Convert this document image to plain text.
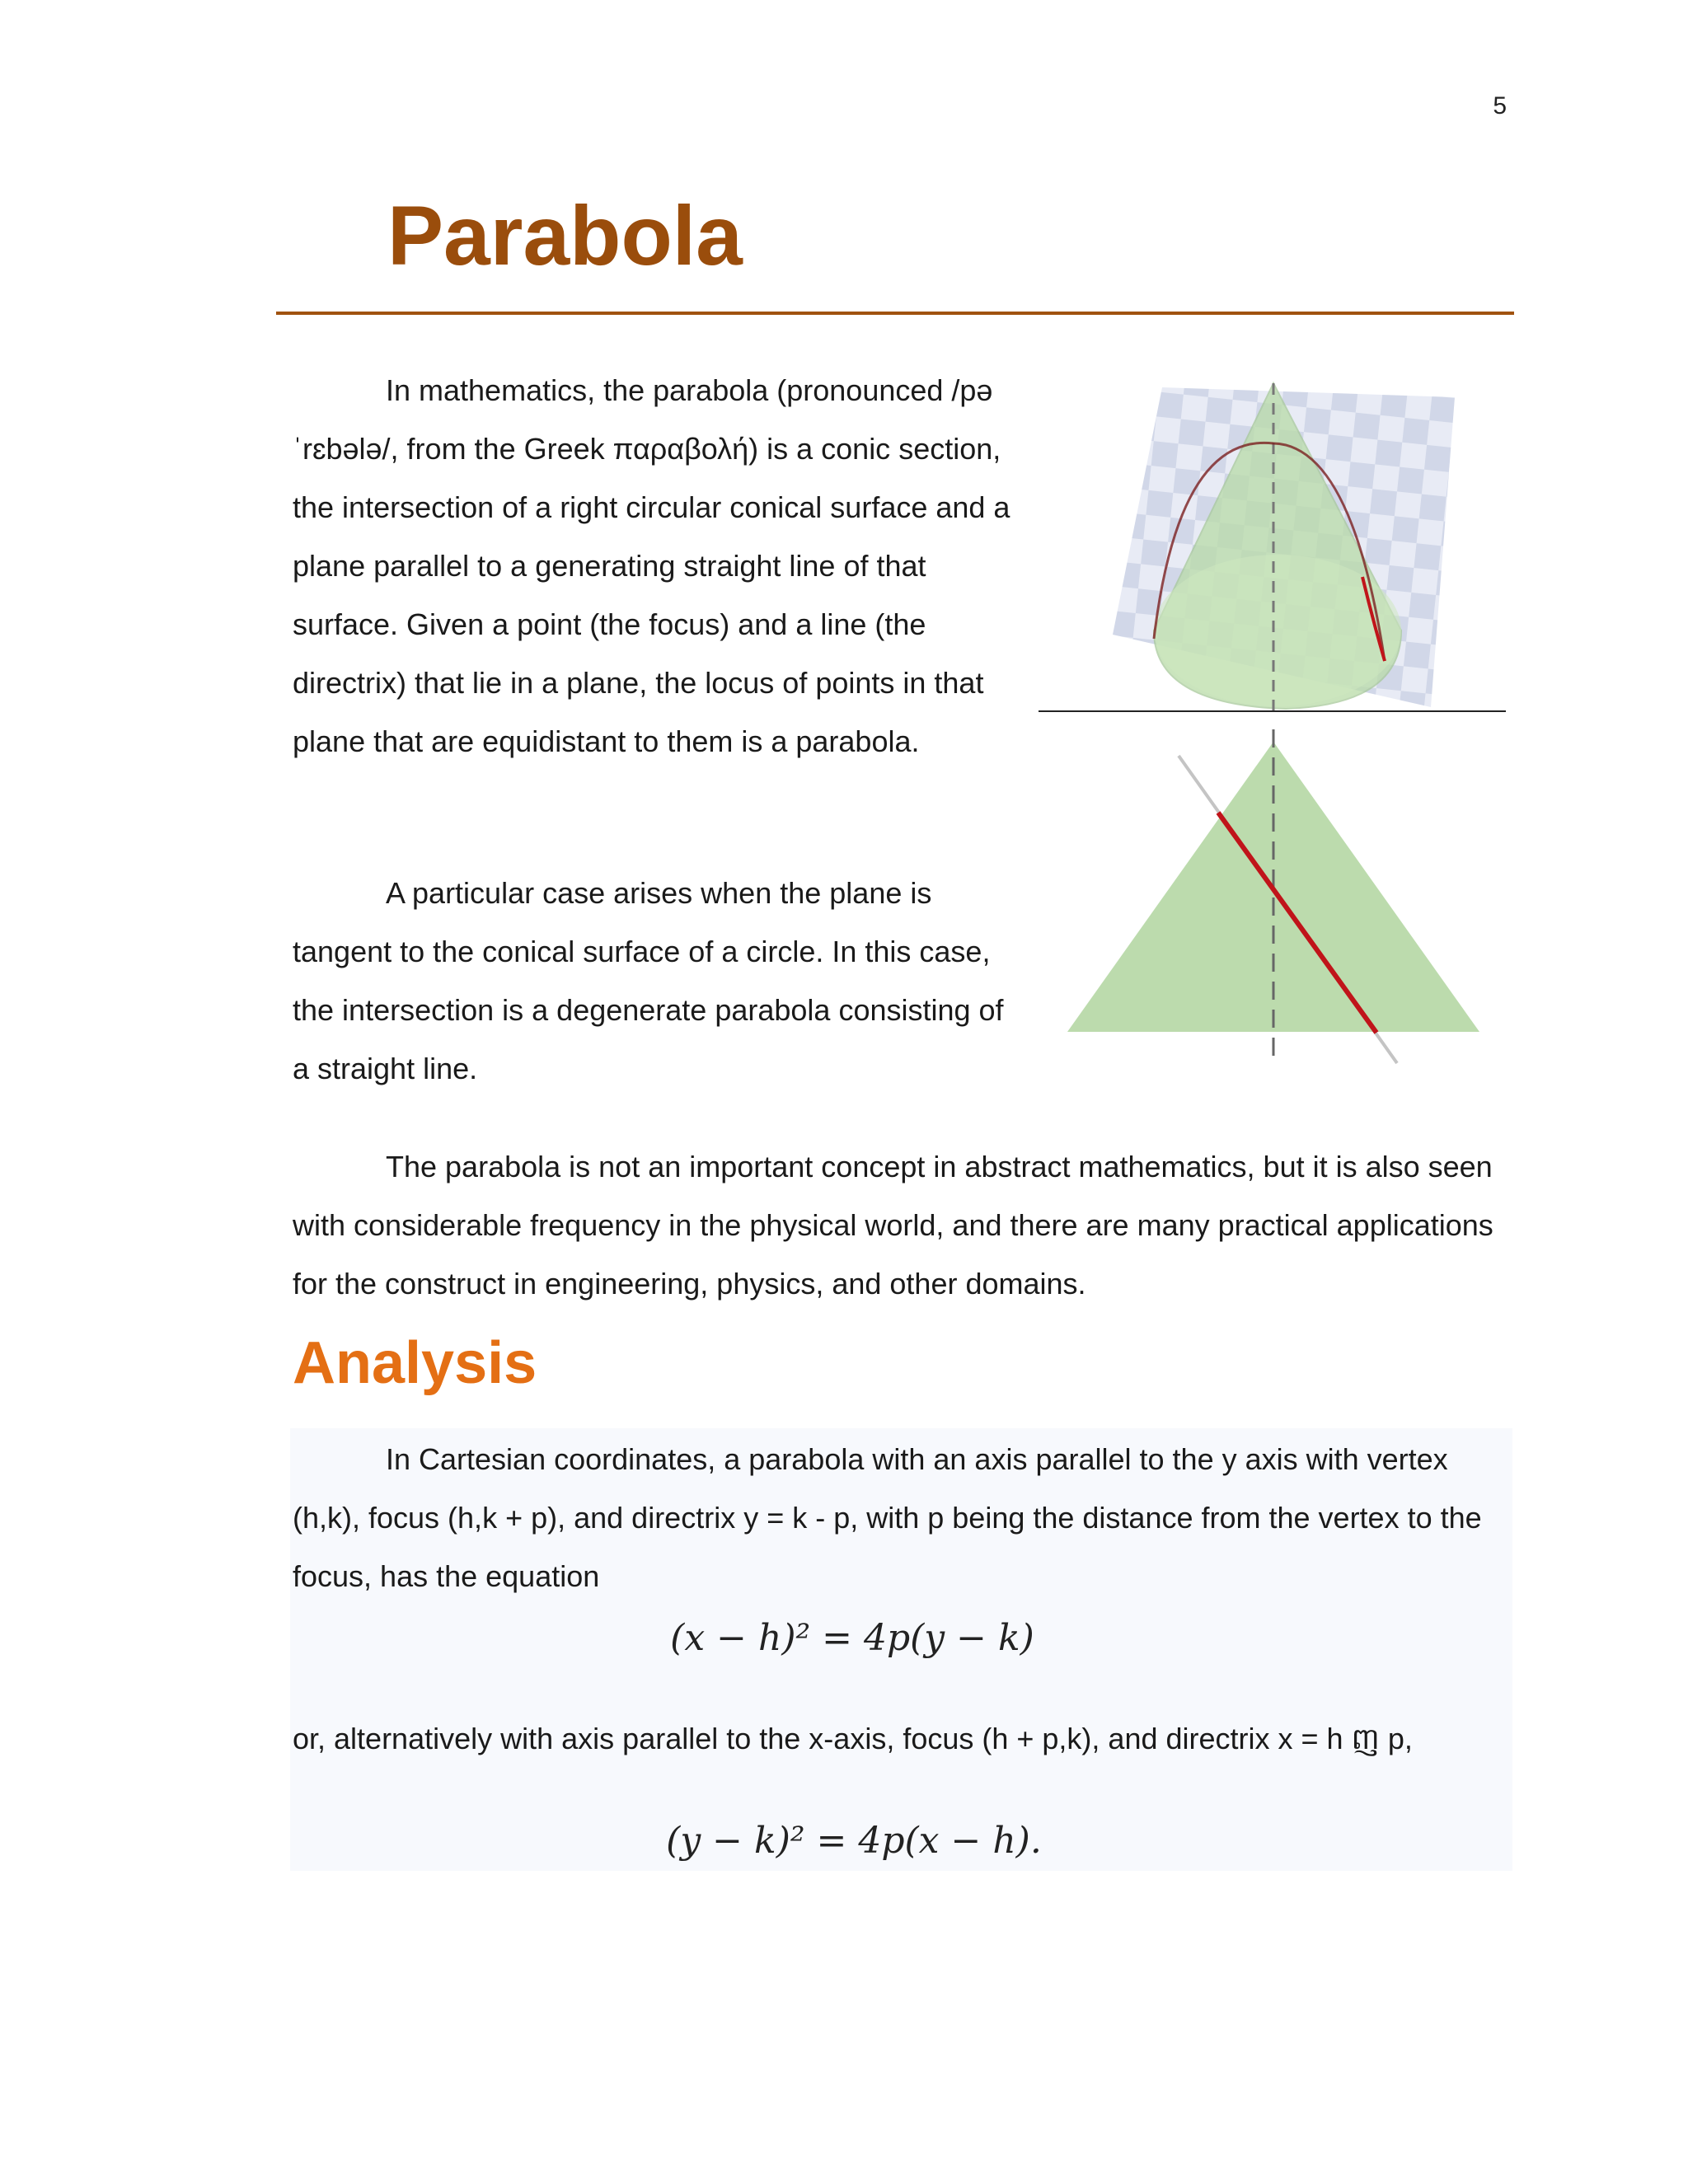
5
Parabola

In mathematics, the parabola (pronounced /pəˈrɛbələ/, from the Greek παραβολή) is a conic section, the intersection of a right circular conical surface and a plane parallel to a generating straight line of that surface. Given a point (the focus) and a line (the directrix) that lie in a plane, the locus of points in that plane that are equidistant to them is a parabola.

A particular case arises when the plane is tangent to the conical surface of a circle. In this case, the intersection is a degenerate parabola consisting of a straight line.

The parabola is not an important concept in abstract mathematics, but it is also seen with considerable frequency in the physical world, and there are many practical applications for the construct in engineering, physics, and other domains.

Analysis

In Cartesian coordinates, a parabola with an axis parallel to the y axis with vertex (h,k), focus (h,k + p), and directrix y = k - p, with p being the distance from the vertex to the focus, has the equation

(x − h)² = 4p(y − k)

or, alternatively with axis parallel to the x-axis, focus (h + p,k), and directrix x = h ញ p,

(y − k)² = 4p(x − h).
